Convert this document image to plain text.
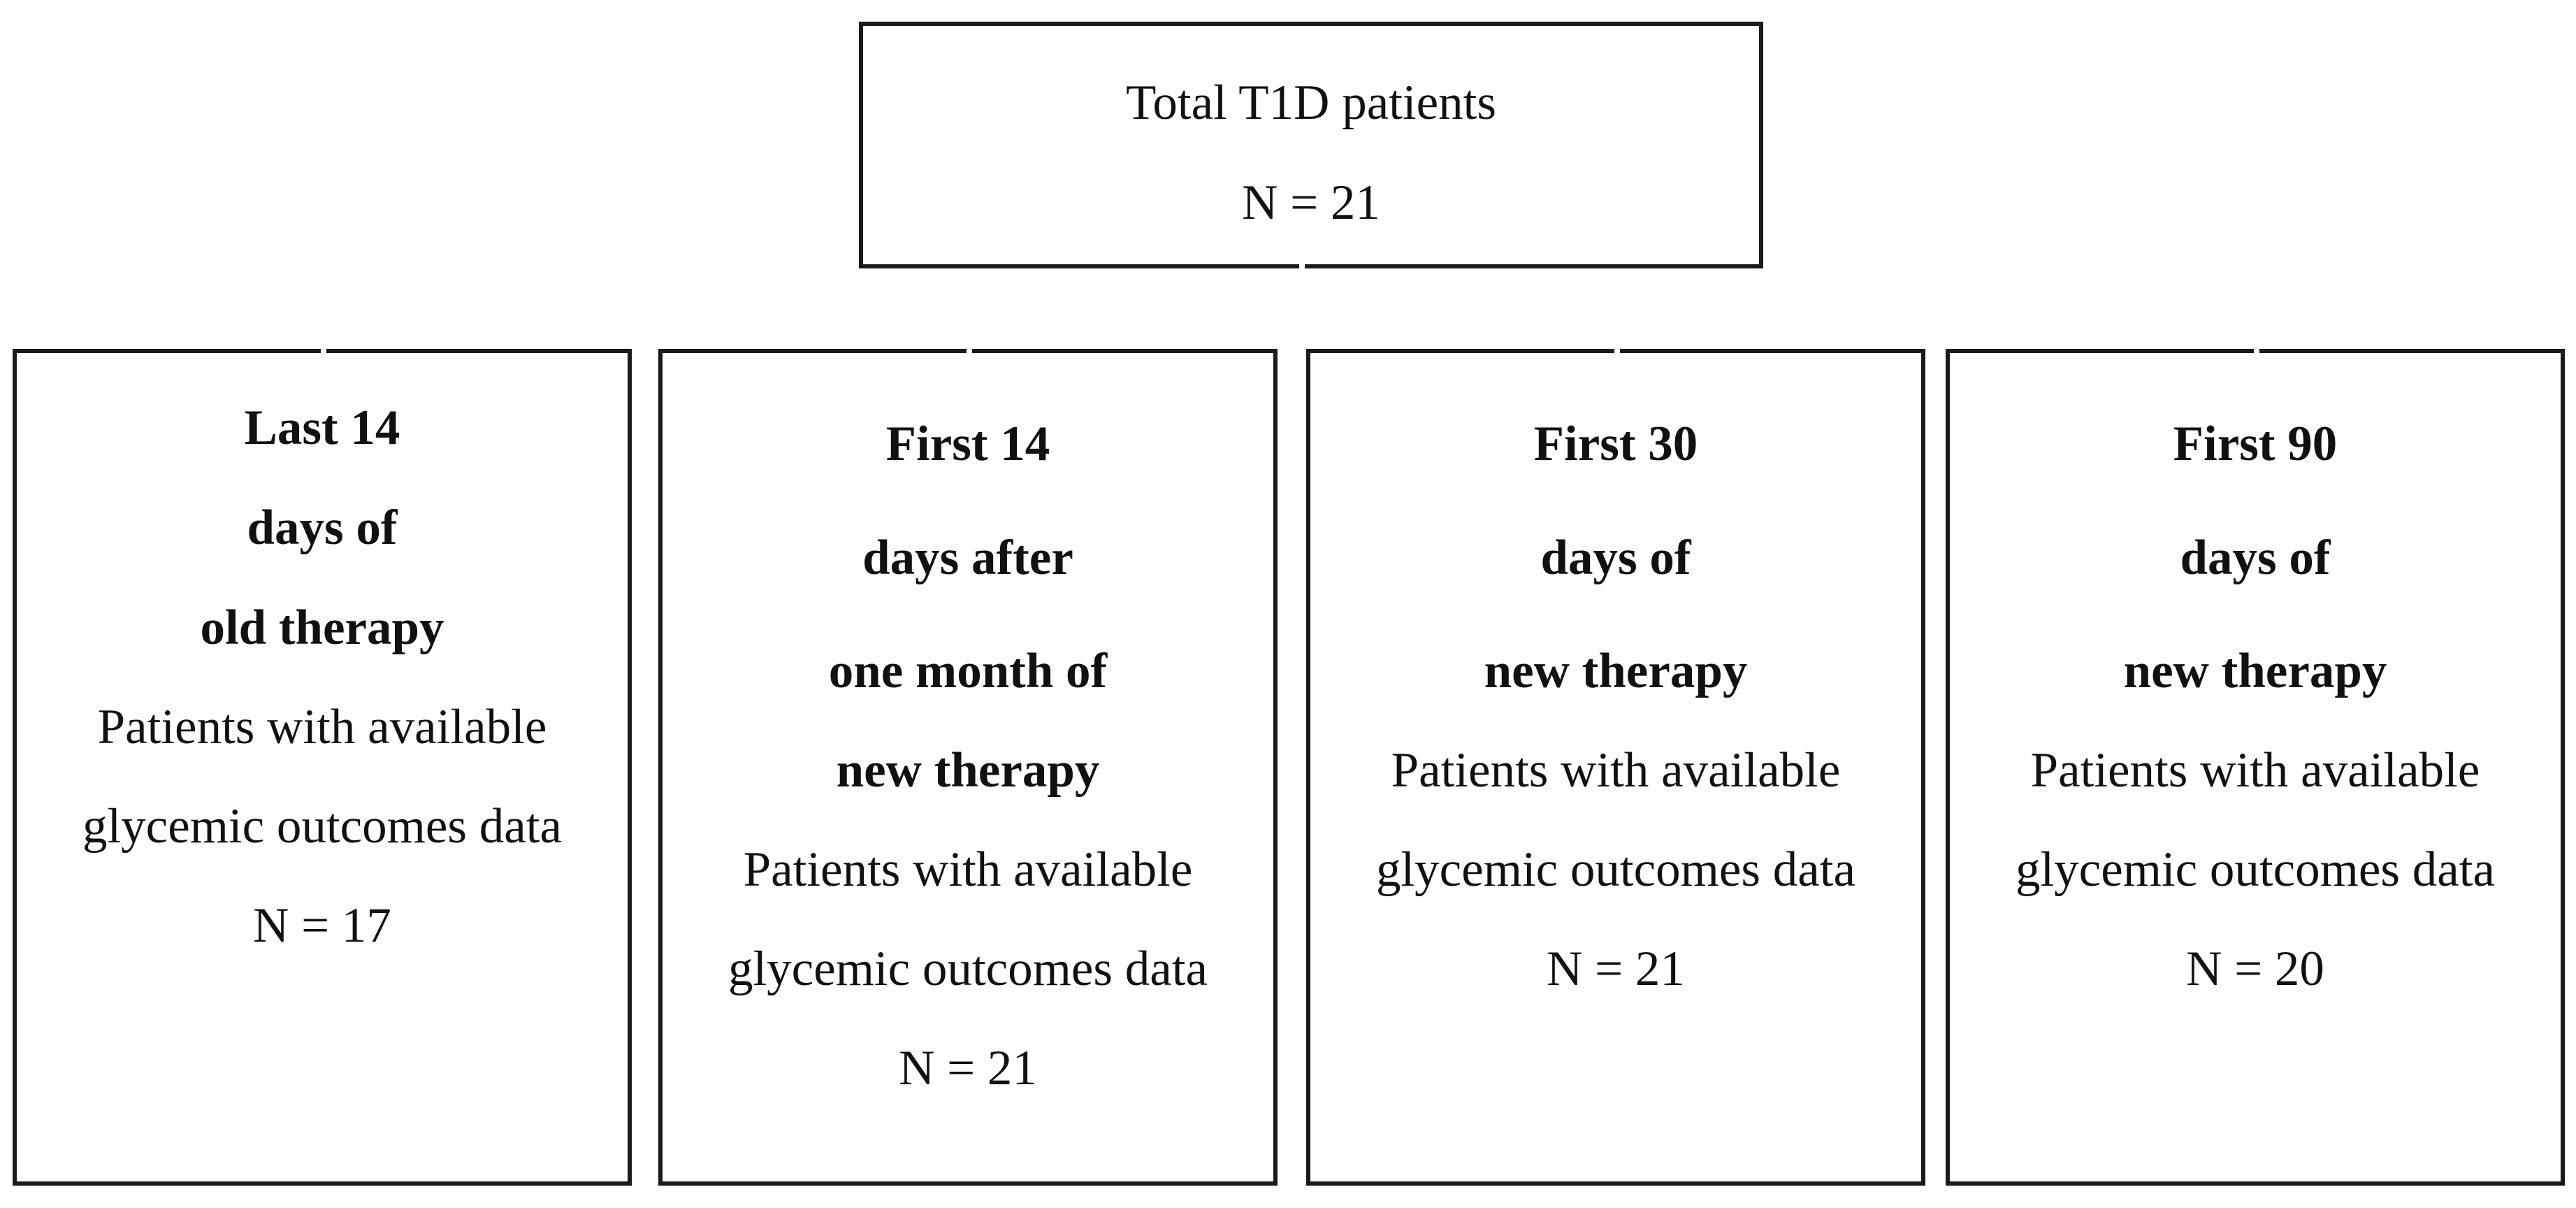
Total T1D patients
N = 21
Last 14
days of
old therapy
Patients with available
glycemic outcomes data
N = 17
First 14
days after
one month of
new therapy
Patients with available
glycemic outcomes data
N = 21
First 30
days of
new therapy
Patients with available
glycemic outcomes data
N = 21
First 90
days of
new therapy
Patients with available
glycemic outcomes data
N = 20
